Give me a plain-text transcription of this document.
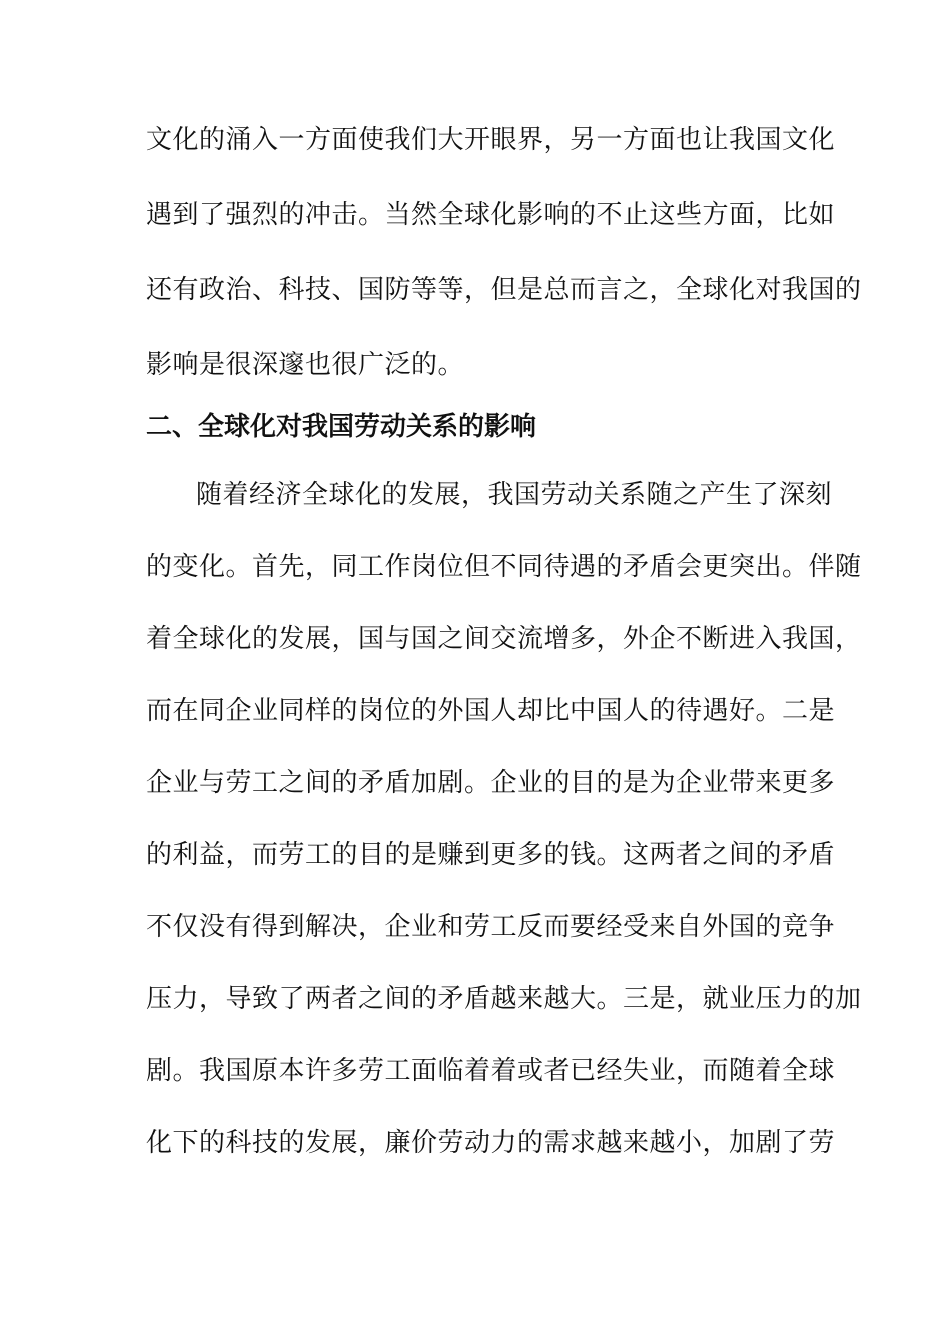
文化的涌入一方面使我们大开眼界，另一方面也让我国文化
遇到了强烈的冲击。当然全球化影响的不止这些方面，比如
还有政治、科技、国防等等，但是总而言之，全球化对我国的
影响是很深邃也很广泛的。
二、全球化对我国劳动关系的影响
随着经济全球化的发展，我国劳动关系随之产生了深刻
的变化。首先，同工作岗位但不同待遇的矛盾会更突出。伴随
着全球化的发展，国与国之间交流增多，外企不断进入我国，
而在同企业同样的岗位的外国人却比中国人的待遇好。二是
企业与劳工之间的矛盾加剧。企业的目的是为企业带来更多
的利益，而劳工的目的是赚到更多的钱。这两者之间的矛盾
不仅没有得到解决，企业和劳工反而要经受来自外国的竞争
压力，导致了两者之间的矛盾越来越大。三是，就业压力的加
剧。我国原本许多劳工面临着着或者已经失业，而随着全球
化下的科技的发展，廉价劳动力的需求越来越小，加剧了劳
